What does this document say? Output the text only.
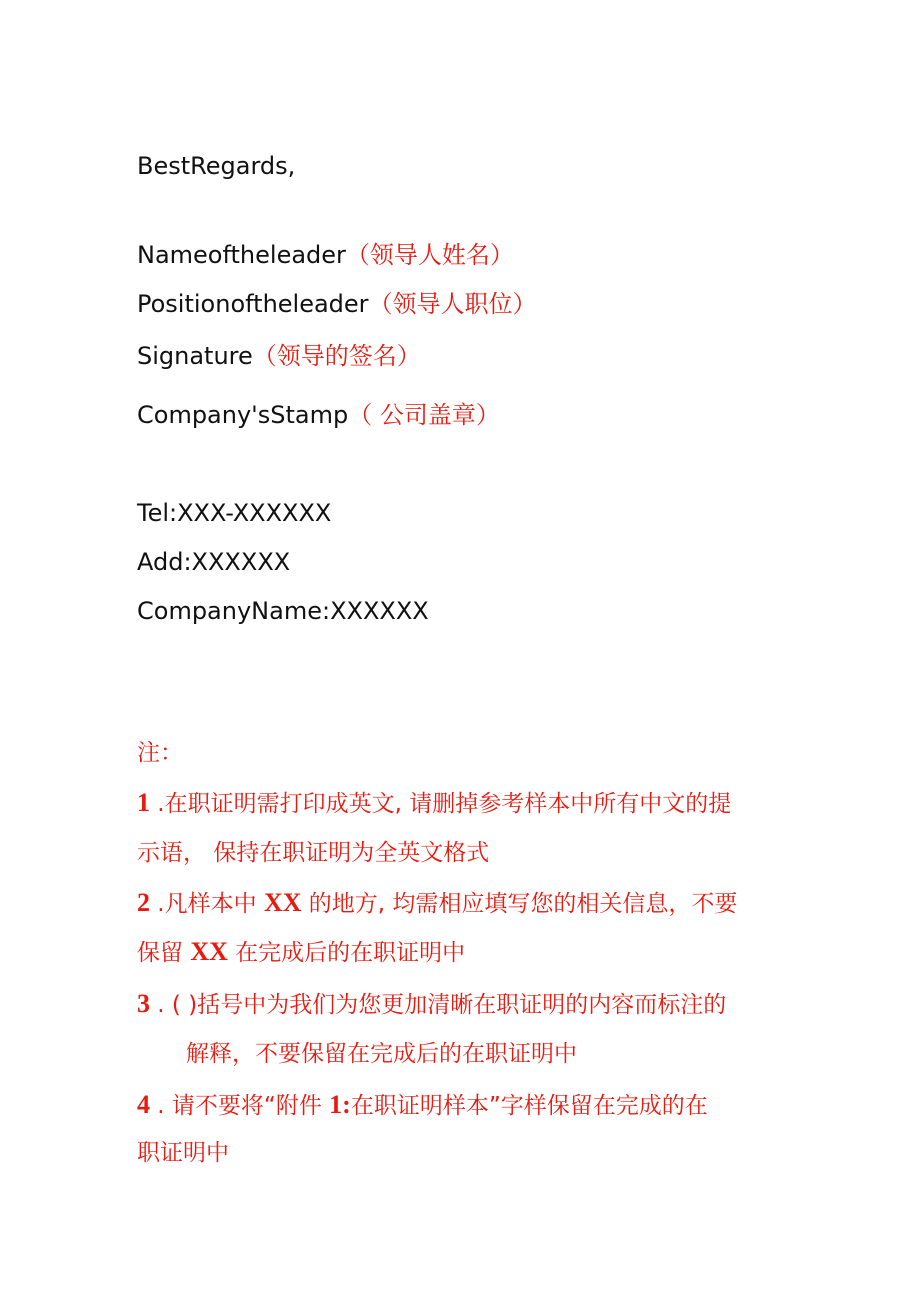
BestRegards,
Nameoftheleader（领导人姓名）
Positionoftheleader（领导人职位）
Signature（领导的签名）
Company'sStamp（ 公司盖章）
Tel:XXX-XXXXXX
Add:XXXXXX
CompanyName:XXXXXX
注：
1 .在职证明需打印成英文, 请删掉参考样本中所有中文的提
示语， 保持在职证明为全英文格式
2 .凡样本中 XX 的地方, 均需相应填写您的相关信息，不要
保留 XX 在完成后的在职证明中
3 . ( )括号中为我们为您更加清晰在职证明的内容而标注的
解释，不要保留在完成后的在职证明中
4 . 请不要将“附件 1:在职证明样本”字样保留在完成的在
职证明中
